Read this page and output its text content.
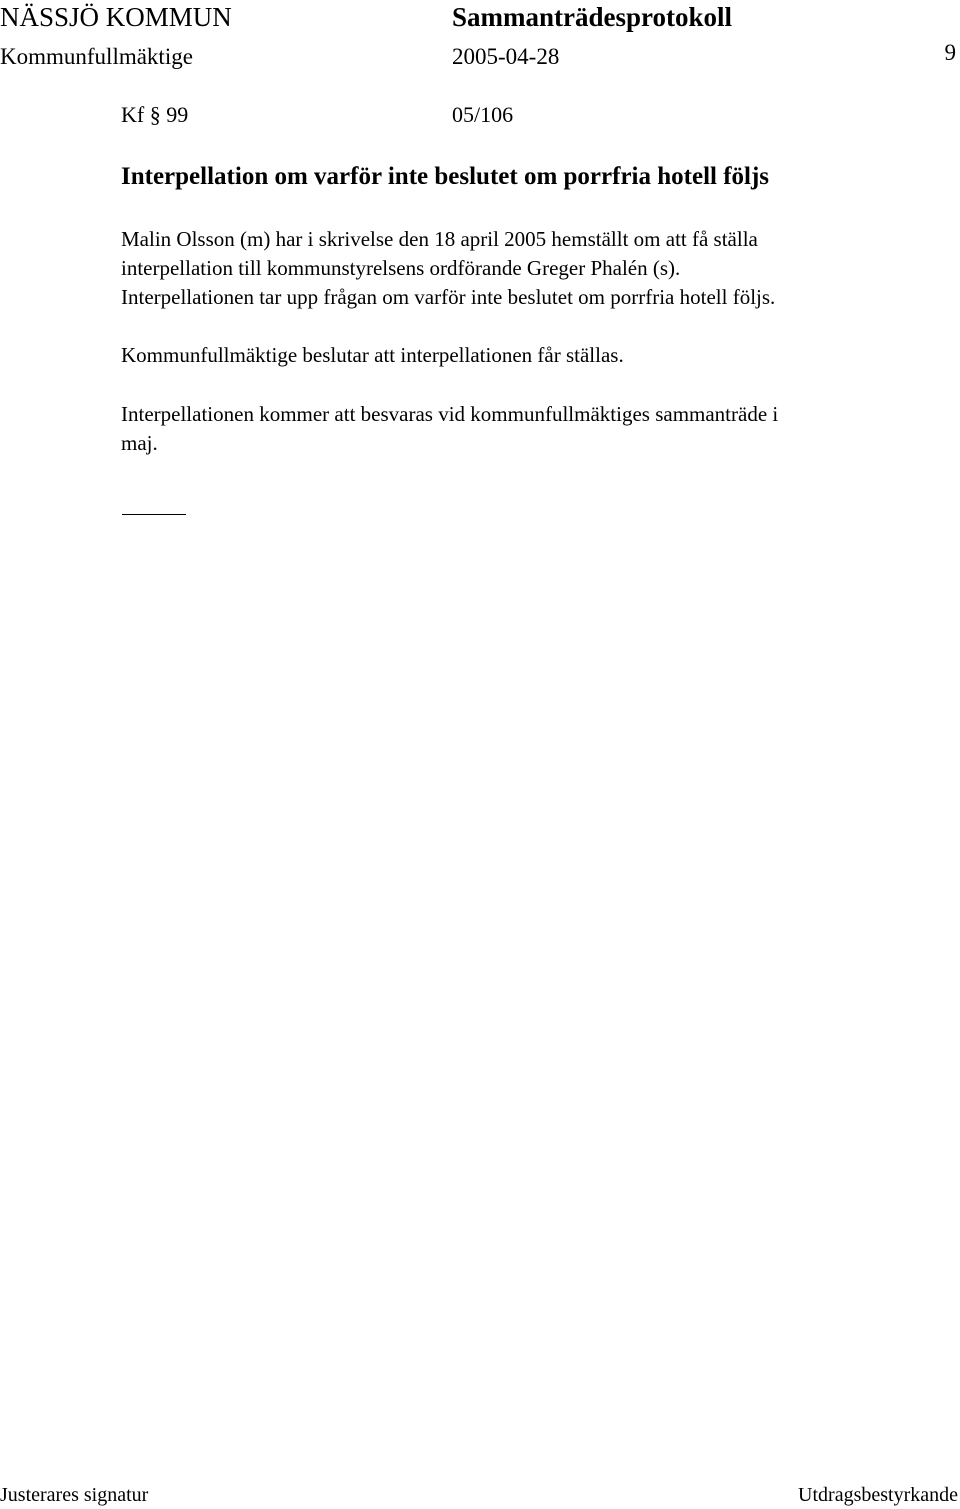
NÄSSJÖ KOMMUN	Sammanträdesprotokoll
Kommunfullmäktige	2005-04-28	9
Kf § 99	05/106
Interpellation om varför inte beslutet om porrfria hotell följs
Malin Olsson (m) har i skrivelse den 18 april 2005 hemställt om att få ställa
interpellation till kommunstyrelsens ordförande Greger Phalén (s).
Interpellationen tar upp frågan om varför inte beslutet om porrfria hotell följs.
Kommunfullmäktige beslutar att interpellationen får ställas.
Interpellationen kommer att besvaras vid kommunfullmäktiges sammanträde i
maj.
Justerares signatur	Utdragsbestyrkande
